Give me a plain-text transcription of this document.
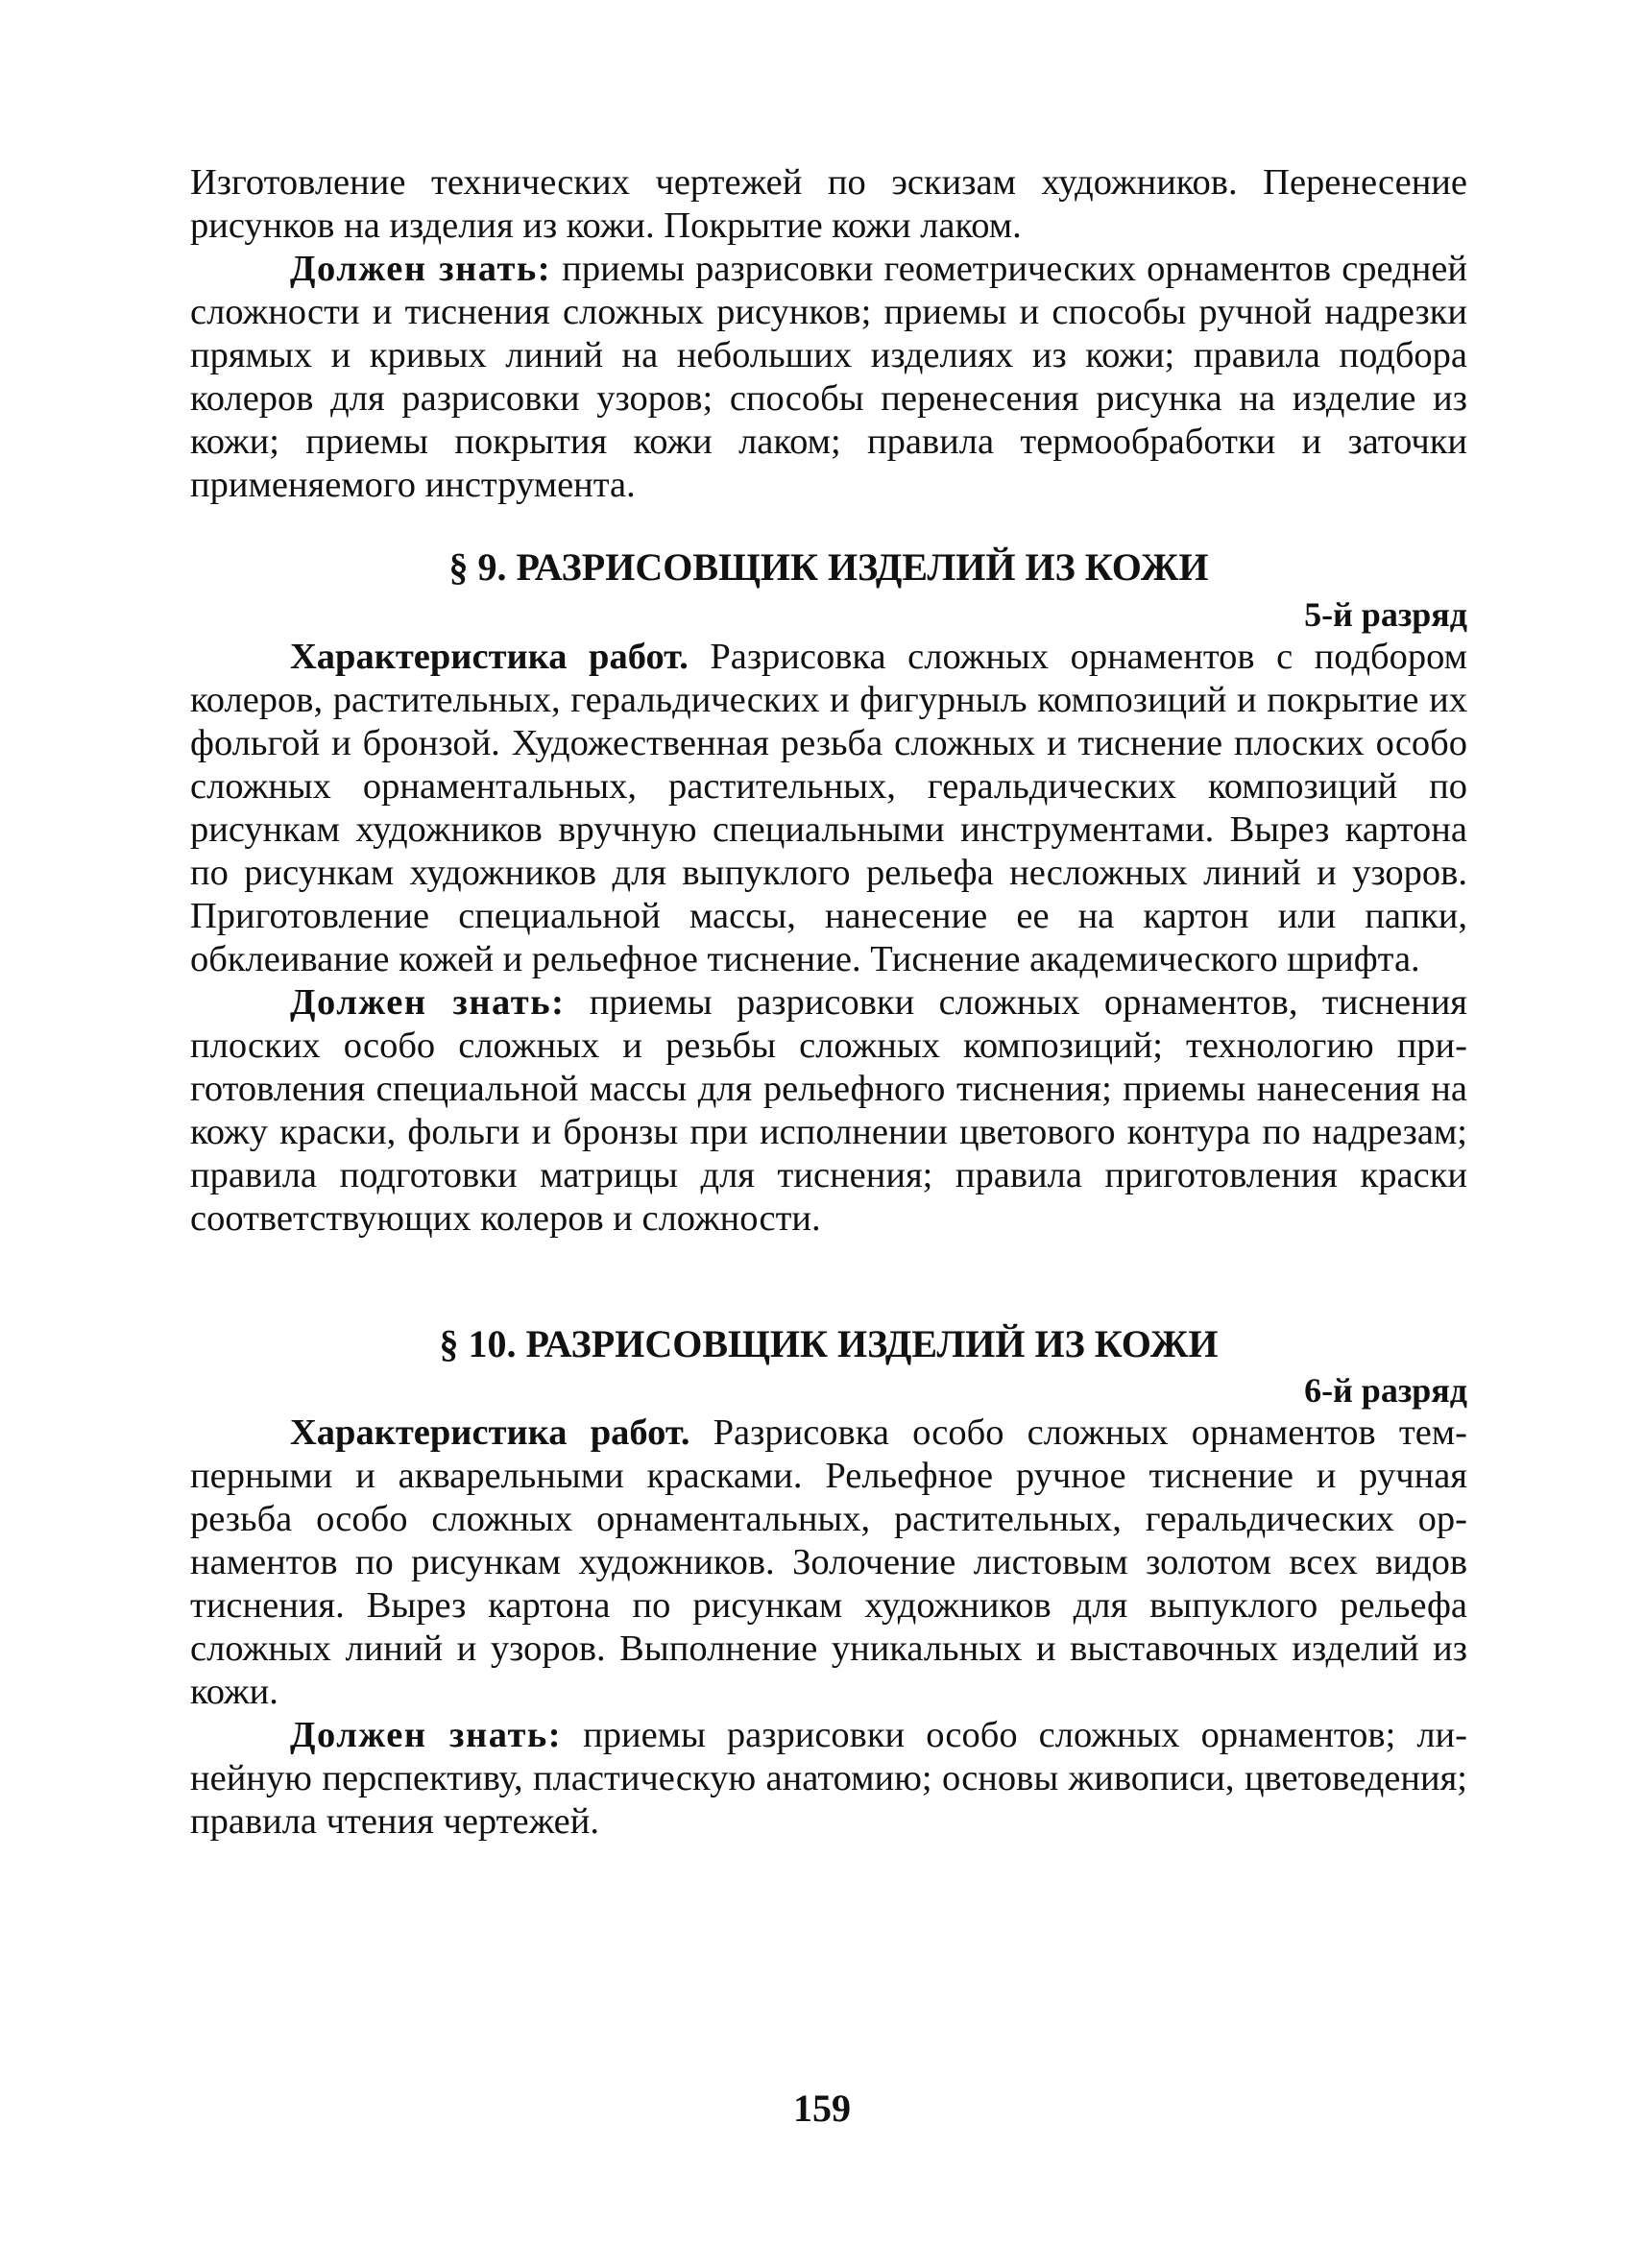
Изготовление технических чертежей по эскизам художников. Перенесение рисунков на изделия из кожи. Покрытие кожи лаком.

Должен знать: приемы разрисовки геометрических орнаментов средней сложности и тиснения сложных рисунков; приемы и способы ручной надрезки прямых и кривых линий на небольших изделиях из кожи; правила подбора колеров для разрисовки узоров; способы перенесения рисунка на изделие из кожи; приемы покрытия кожи лаком; правила термообработки и заточки применяемого инструмента.

§ 9. РАЗРИСОВЩИК ИЗДЕЛИЙ ИЗ КОЖИ
5-й разряд

Характеристика работ. Разрисовка сложных орнаментов с подбором колеров, растительных, геральдических и фигурныљ композиций и покрытие их фольгой и бронзой. Художественная резьба сложных и тиснение плоских особо сложных орнаментальных, растительных, геральдических композиций по рисункам художников вручную специальными инструментами. Вырез картона по рисункам художников для выпуклого рельефа несложных линий и узоров. Приготовление специальной массы, нанесение ее на картон или папки, обклеивание кожей и рельефное тиснение. Тиснение академического шрифта.

Должен знать: приемы разрисовки сложных орнаментов, тиснения плоских особо сложных и резьбы сложных композиций; технологию приготовления специальной массы для рельефного тиснения; приемы нанесения на кожу краски, фольги и бронзы при исполнении цветового контура по надрезам; правила подготовки матрицы для тиснения; правила приготовления краски соответствующих колеров и сложности.

§ 10. РАЗРИСОВЩИК ИЗДЕЛИЙ ИЗ КОЖИ
6-й разряд

Характеристика работ. Разрисовка особо сложных орнаментов темперными и акварельными красками. Рельефное ручное тиснение и ручная резьба особо сложных орнаментальных, растительных, геральдических орнаментов по рисункам художников. Золочение листовым золотом всех видов тиснения. Вырез картона по рисункам художников для выпуклого рельефа сложных линий и узоров. Выполнение уникальных и выставочных изделий из кожи.

Должен знать: приемы разрисовки особо сложных орнаментов; линейную перспективу, пластическую анатомию; основы живописи, цветоведения; правила чтения чертежей.

159
